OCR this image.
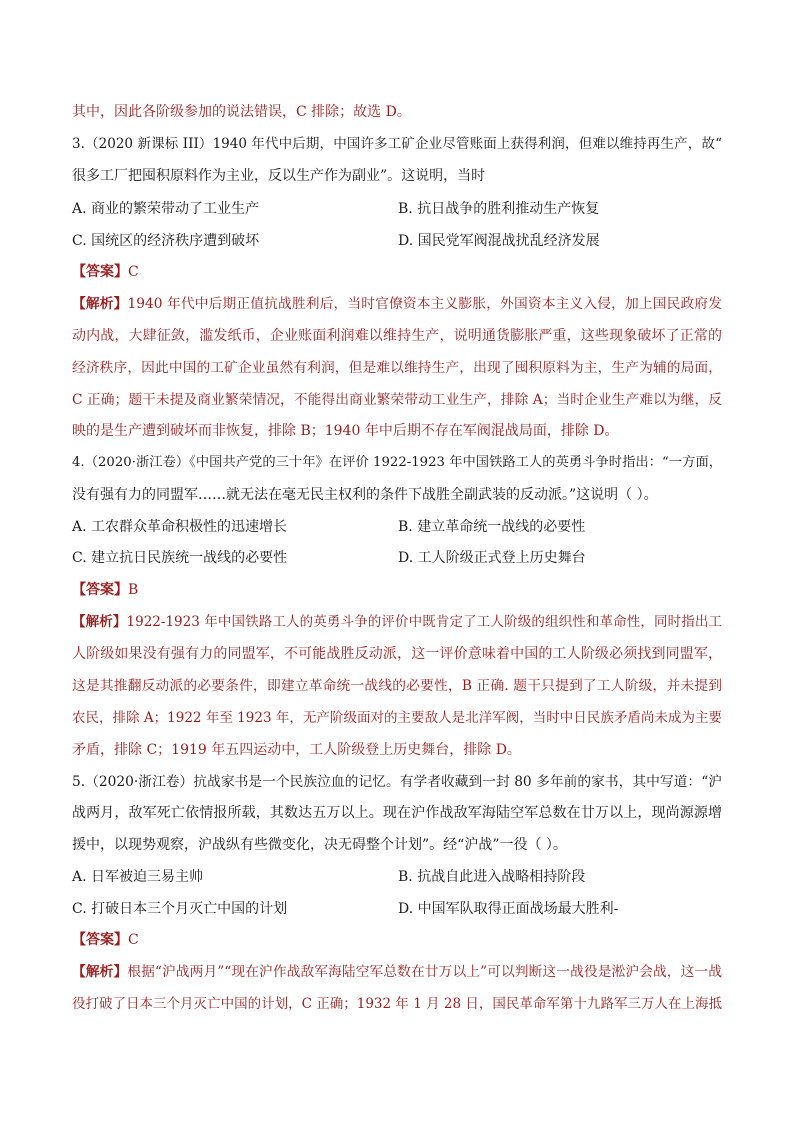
其中，因此各阶级参加的说法错误，C 排除；故选 D。
3.（2020 新课标 III）1940 年代中后期，中国许多工矿企业尽管账面上获得利润，但难以维持再生产，故“
很多工厂把囤积原料作为主业，反以生产作为副业”。这说明，当时
A. 商业的繁荣带动了工业生产	B. 抗日战争的胜利推动生产恢复
C. 国统区的经济秩序遭到破坏	D. 国民党军阀混战扰乱经济发展
【答案】C
【解析】1940 年代中后期正值抗战胜利后，当时官僚资本主义膨胀，外国资本主义入侵，加上国民政府发
动内战，大肆征敛，滥发纸币，企业账面利润难以维持生产，说明通货膨胀严重，这些现象破坏了正常的
经济秩序，因此中国的工矿企业虽然有利润，但是难以维持生产，出现了囤积原料为主，生产为辅的局面，
C 正确；题干未提及商业繁荣情况，不能得出商业繁荣带动工业生产，排除 A；当时企业生产难以为继，反
映的是生产遭到破坏而非恢复，排除 B；1940 年中后期不存在军阀混战局面，排除 D。
4.（2020·浙江卷）《中国共产党的三十年》在评价 1922-1923 年中国铁路工人的英勇斗争时指出：“一方面，
没有强有力的同盟军……就无法在毫无民主权利的条件下战胜全副武装的反动派。”这说明（ ）。
A. 工农群众革命积极性的迅速增长	B. 建立革命统一战线的必要性
C. 建立抗日民族统一战线的必要性	D. 工人阶级正式登上历史舞台
【答案】B
【解析】1922-1923 年中国铁路工人的英勇斗争的评价中既肯定了工人阶级的组织性和革命性，同时指出工
人阶级如果没有强有力的同盟军，不可能战胜反动派，这一评价意味着中国的工人阶级必须找到同盟军，
这是其推翻反动派的必要条件，即建立革命统一战线的必要性，B 正确. 题干只提到了工人阶级，并未提到
农民，排除 A；1922 年至 1923 年，无产阶级面对的主要敌人是北洋军阀，当时中日民族矛盾尚未成为主要
矛盾，排除 C；1919 年五四运动中，工人阶级登上历史舞台，排除 D。
5.（2020·浙江卷）抗战家书是一个民族泣血的记忆。有学者收藏到一封 80 多年前的家书，其中写道：“沪
战两月，敌军死亡依情报所载，其数达五万以上。现在沪作战敌军海陆空军总数在廿万以上，现尚源源增
援中，以现势观察，沪战纵有些微变化，决无碍整个计划”。经“沪战”一役（ ）。
A. 日军被迫三易主帅	B. 抗战自此进入战略相持阶段
C. 打破日本三个月灭亡中国的计划	D. 中国军队取得正面战场最大胜利-
【答案】C
【解析】根据“沪战两月”“现在沪作战敌军海陆空军总数在廿万以上”可以判断这一战役是淞沪会战，这一战
役打破了日本三个月灭亡中国的计划，C 正确；1932 年 1 月 28 日，国民革命军第十九路军三万人在上海抵
